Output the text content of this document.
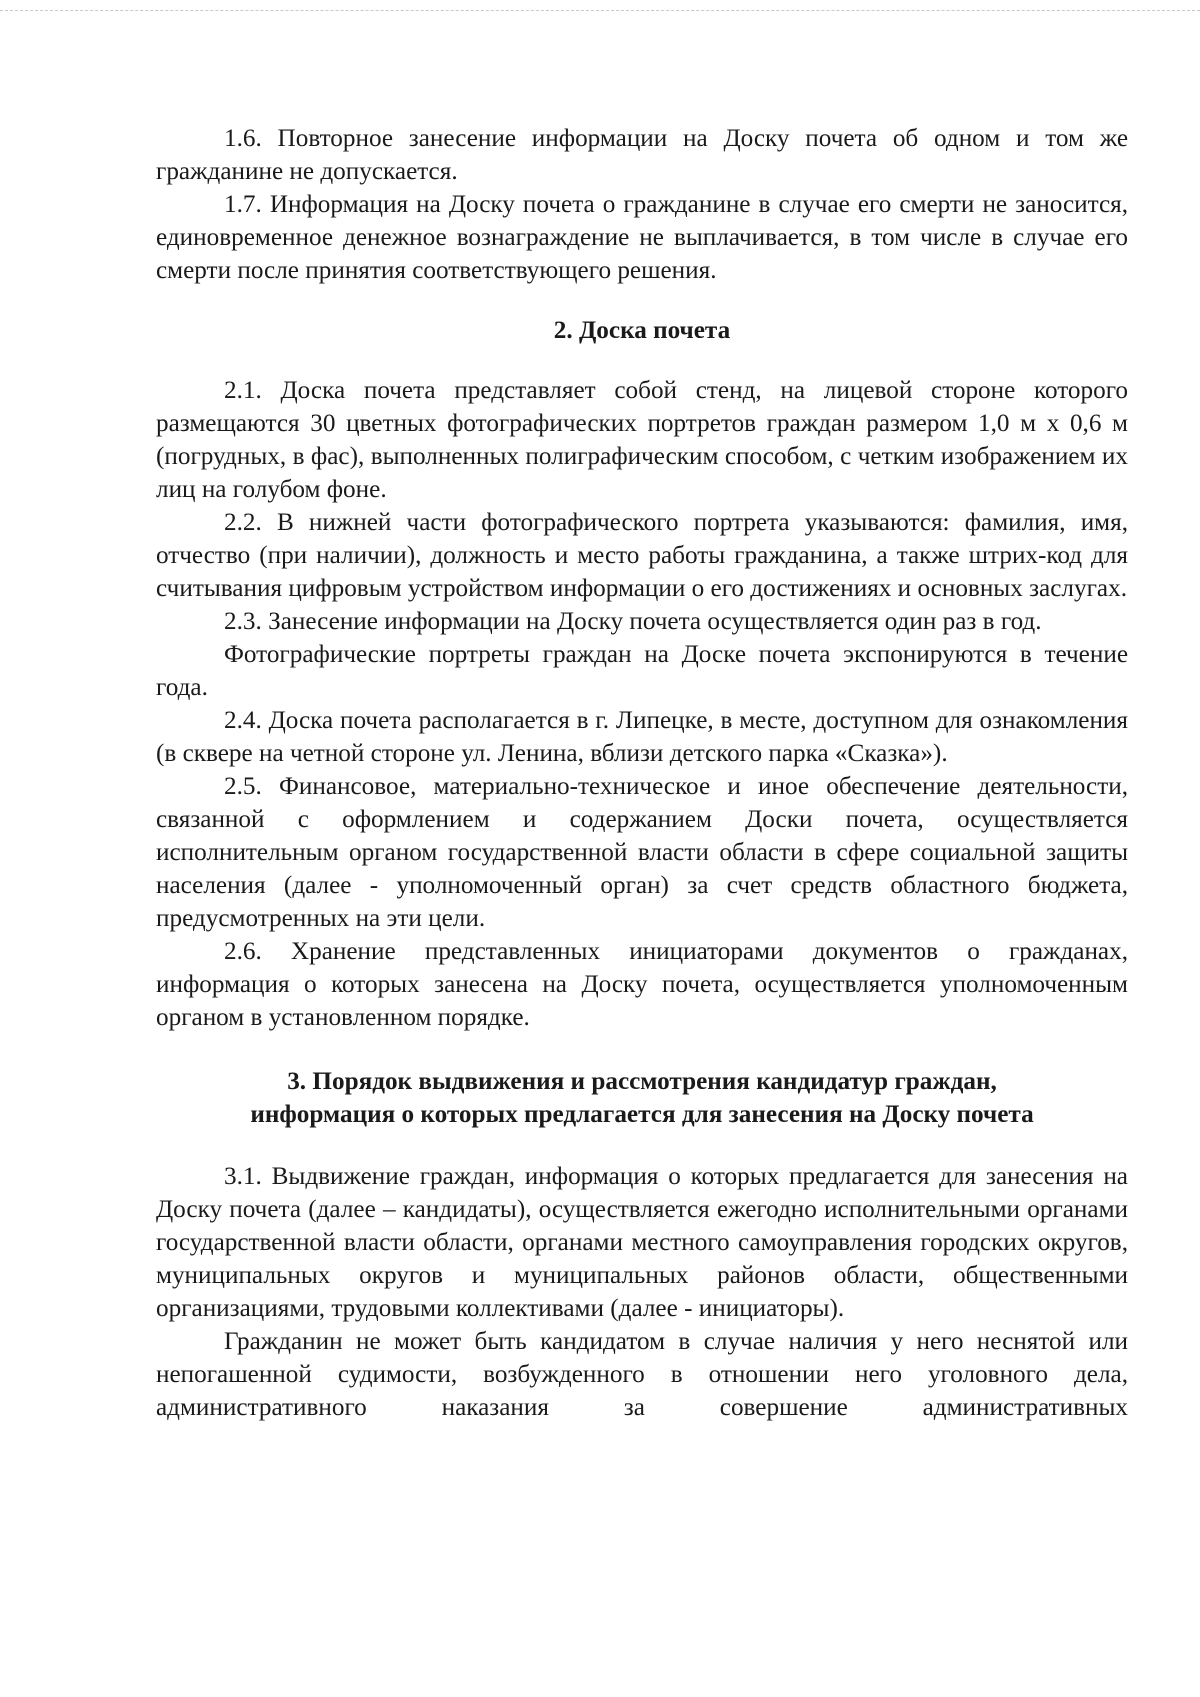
1.6. Повторное занесение информации на Доску почета об одном и том же гражданине не допускается.

1.7. Информация на Доску почета о гражданине в случае его смерти не заносится, единовременное денежное вознаграждение не выплачивается, в том числе в случае его смерти после принятия соответствующего решения.

2. Доска почета

2.1. Доска почета представляет собой стенд, на лицевой стороне которого размещаются 30 цветных фотографических портретов граждан размером 1,0 м х 0,6 м (погрудных, в фас), выполненных полиграфическим способом, с четким изображением их лиц на голубом фоне.

2.2. В нижней части фотографического портрета указываются: фамилия, имя, отчество (при наличии), должность и место работы гражданина, а также штрих-код для считывания цифровым устройством информации о его достижениях и основных заслугах.

2.3. Занесение информации на Доску почета осуществляется один раз в год.

Фотографические портреты граждан на Доске почета экспонируются в течение года.

2.4. Доска почета располагается в г. Липецке, в месте, доступном для ознакомления (в сквере на четной стороне ул. Ленина, вблизи детского парка «Сказка»).

2.5. Финансовое, материально-техническое и иное обеспечение деятельности, связанной с оформлением и содержанием Доски почета, осуществляется исполнительным органом государственной власти области в сфере социальной защиты населения (далее - уполномоченный орган) за счет средств областного бюджета, предусмотренных на эти цели.

2.6. Хранение представленных инициаторами документов о гражданах, информация о которых занесена на Доску почета, осуществляется уполномоченным органом в установленном порядке.

3. Порядок выдвижения и рассмотрения кандидатур граждан,
информация о которых предлагается для занесения на Доску почета

3.1. Выдвижение граждан, информация о которых предлагается для занесения на Доску почета (далее – кандидаты), осуществляется ежегодно исполнительными органами государственной власти области, органами местного самоуправления городских округов, муниципальных округов и муниципальных районов области, общественными организациями, трудовыми коллективами (далее - инициаторы).

Гражданин не может быть кандидатом в случае наличия у него неснятой или непогашенной судимости, возбужденного в отношении него уголовного дела, административного наказания за совершение административных
